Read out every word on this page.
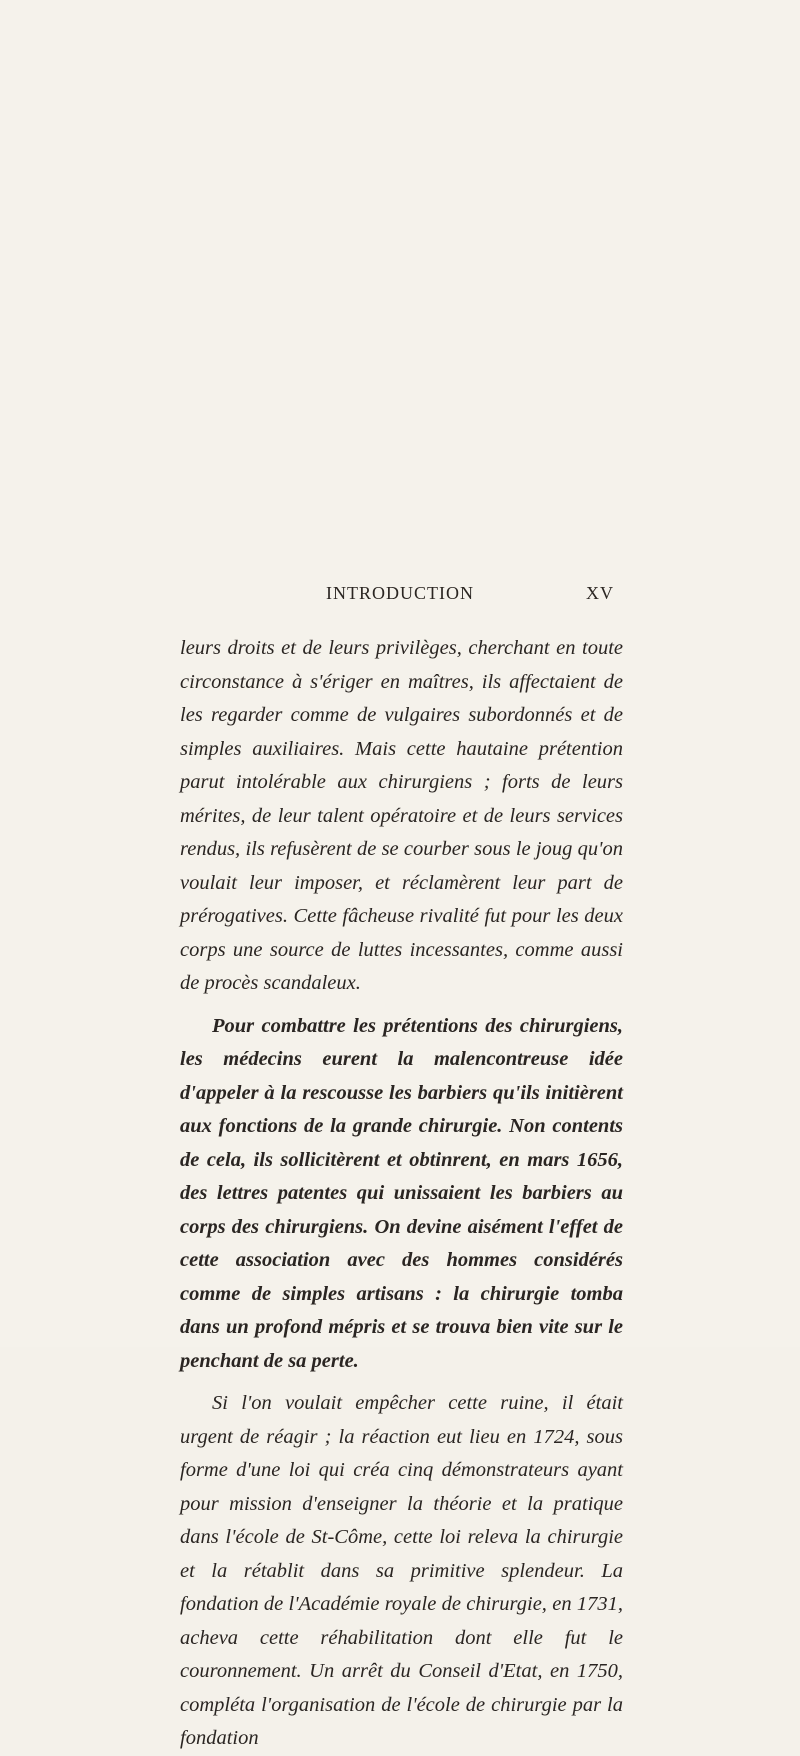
INTRODUCTION	XV

leurs droits et de leurs privilèges, cherchant en toute circonstance à s'ériger en maîtres, ils affectaient de les regarder comme de vulgaires subordonnés et de simples auxiliaires. Mais cette hautaine prétention parut intolérable aux chirurgiens ; forts de leurs mérites, de leur talent opératoire et de leurs services rendus, ils refusèrent de se courber sous le joug qu'on voulait leur imposer, et réclamèrent leur part de prérogatives. Cette fâcheuse rivalité fut pour les deux corps une source de luttes incessantes, comme aussi de procès scandaleux.

Pour combattre les prétentions des chirurgiens, les médecins eurent la malencontreuse idée d'appeler à la rescousse les barbiers qu'ils initièrent aux fonctions de la grande chirurgie. Non contents de cela, ils sollicitèrent et obtinrent, en mars 1656, des lettres patentes qui unissaient les barbiers au corps des chirurgiens. On devine aisément l'effet de cette association avec des hommes considérés comme de simples artisans : la chirurgie tomba dans un profond mépris et se trouva bien vite sur le penchant de sa perte.

Si l'on voulait empêcher cette ruine, il était urgent de réagir ; la réaction eut lieu en 1724, sous forme d'une loi qui créa cinq démonstrateurs ayant pour mission d'enseigner la théorie et la pratique dans l'école de St-Côme, cette loi releva la chirurgie et la rétablit dans sa primitive splendeur. La fondation de l'Académie royale de chirurgie, en 1731, acheva cette réhabilitation dont elle fut le couronnement. Un arrêt du Conseil d'Etat, en 1750, compléta l'organisation de l'école de chirurgie par la fondation
